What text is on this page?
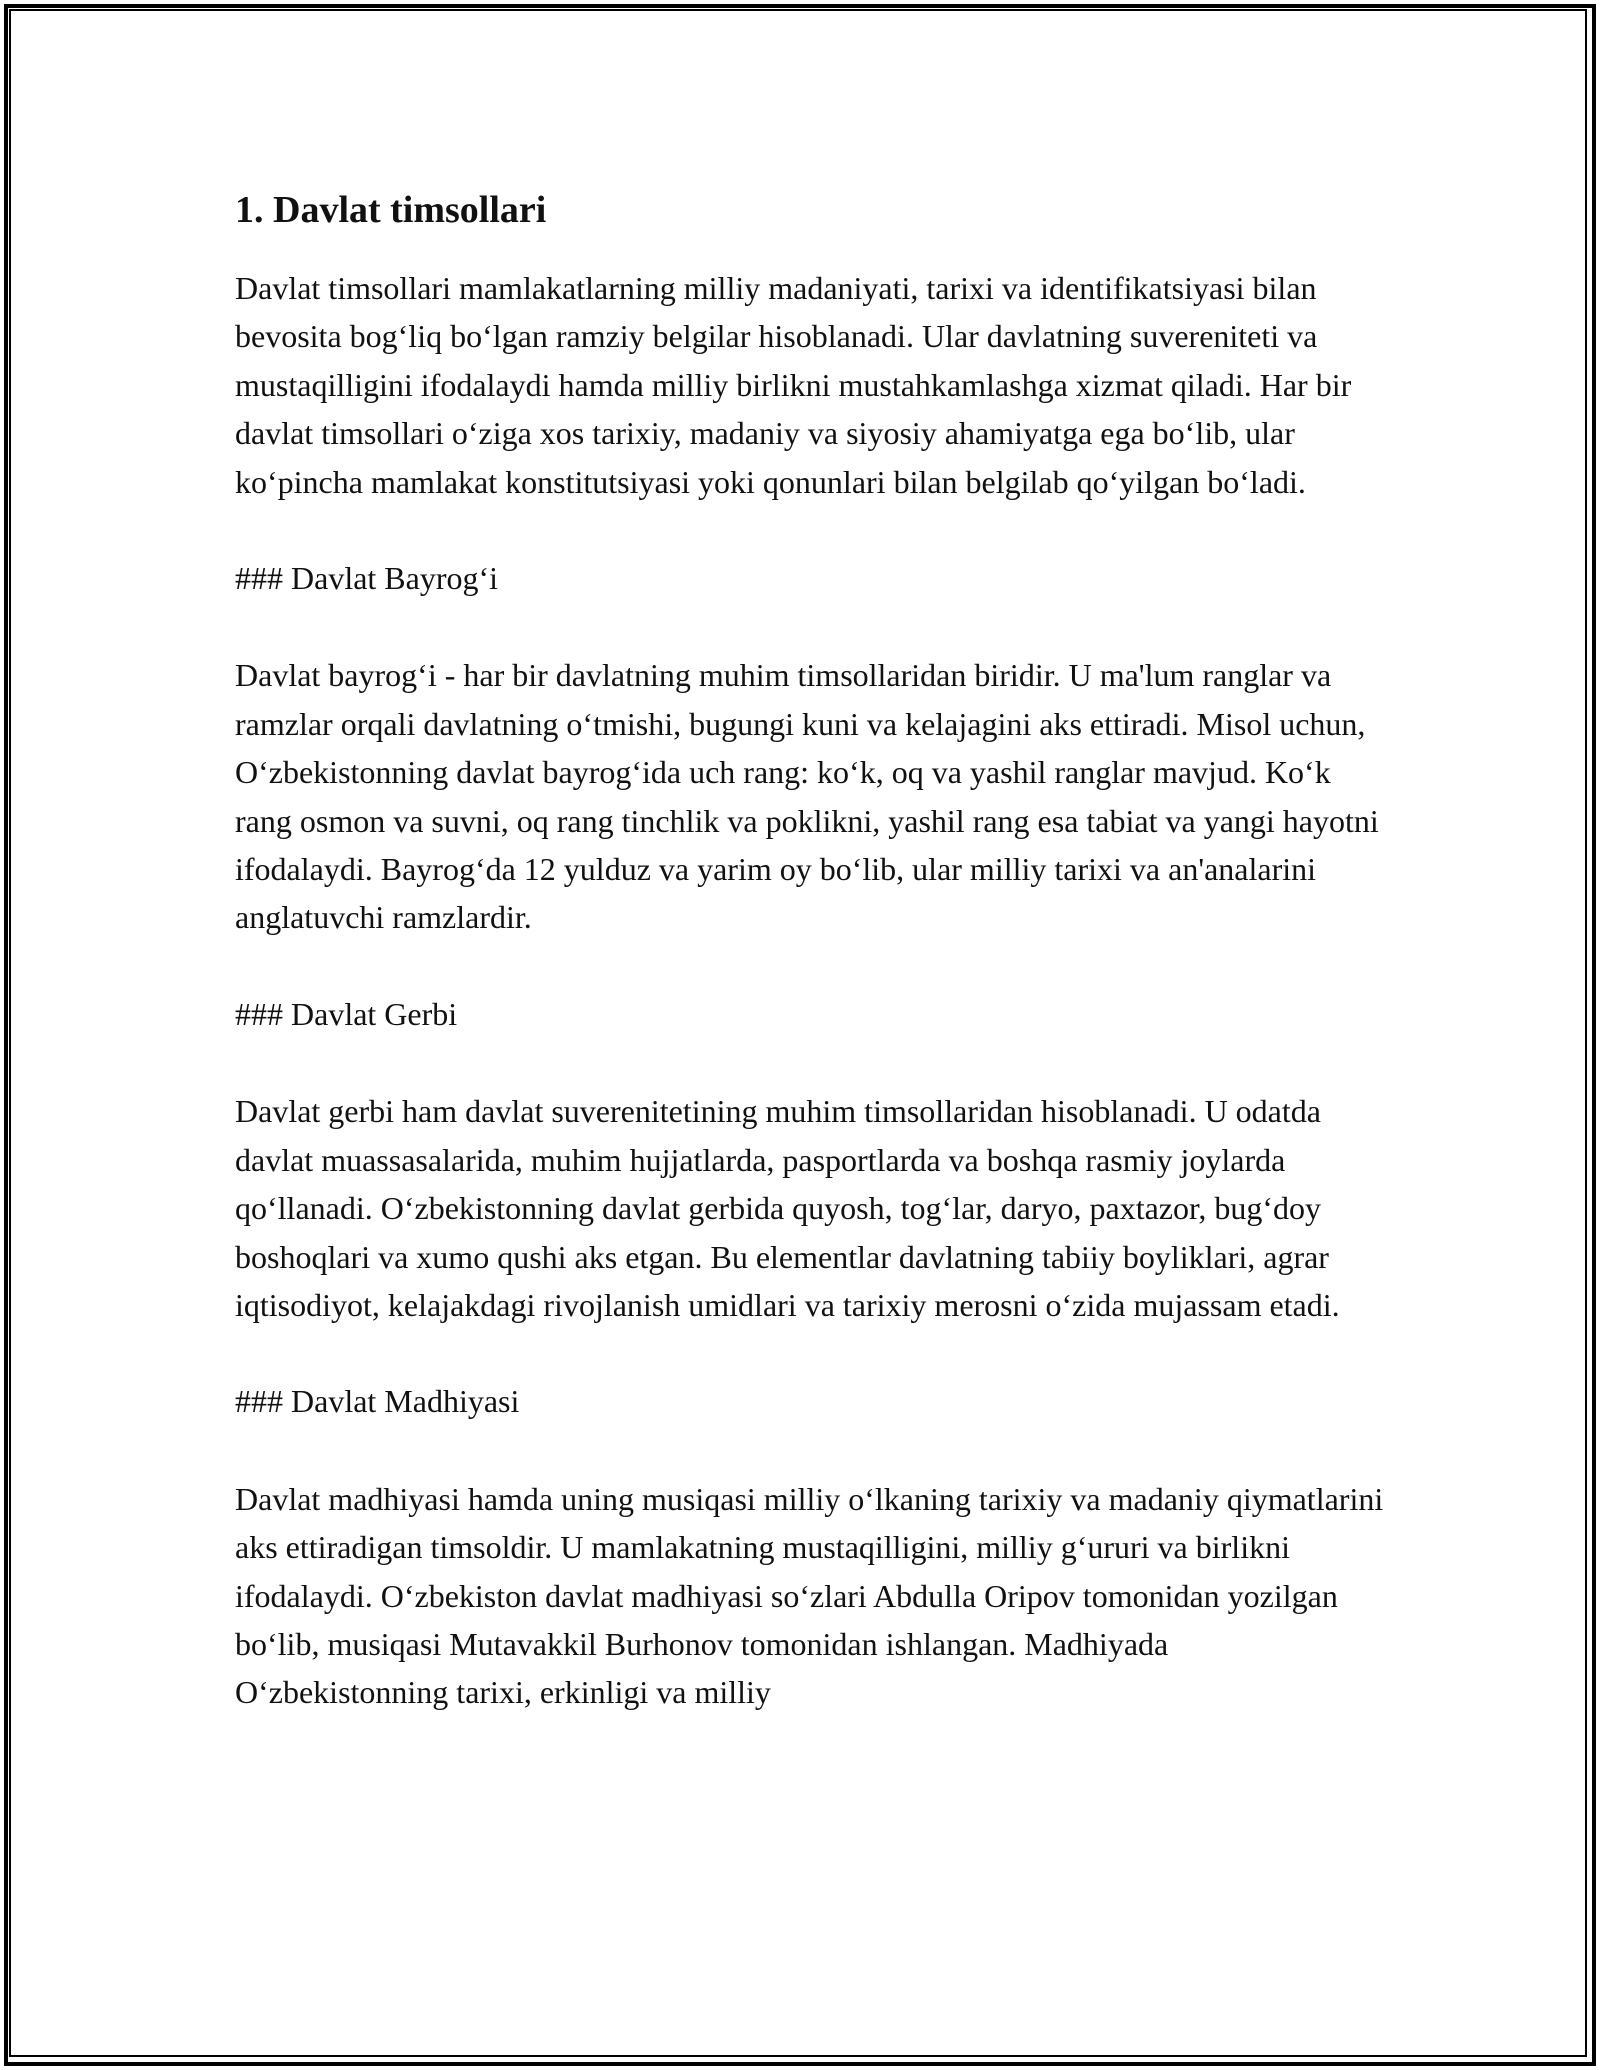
1. Davlat timsollari

Davlat timsollari mamlakatlarning milliy madaniyati, tarixi va identifikatsiyasi bilan bevosita bog‘liq bo‘lgan ramziy belgilar hisoblanadi. Ular davlatning suvereniteti va mustaqilligini ifodalaydi hamda milliy birlikni mustahkamlashga xizmat qiladi. Har bir davlat timsollari o‘ziga xos tarixiy, madaniy va siyosiy ahamiyatga ega bo‘lib, ular ko‘pincha mamlakat konstitutsiyasi yoki qonunlari bilan belgilab qo‘yilgan bo‘ladi.

### Davlat Bayrog‘i

Davlat bayrog‘i - har bir davlatning muhim timsollaridan biridir. U ma'lum ranglar va ramzlar orqali davlatning o‘tmishi, bugungi kuni va kelajagini aks ettiradi. Misol uchun, O‘zbekistonning davlat bayrog‘ida uch rang: ko‘k, oq va yashil ranglar mavjud. Ko‘k rang osmon va suvni, oq rang tinchlik va poklikni, yashil rang esa tabiat va yangi hayotni ifodalaydi. Bayrog‘da 12 yulduz va yarim oy bo‘lib, ular milliy tarixi va an'analarini anglatuvchi ramzlardir.

### Davlat Gerbi

Davlat gerbi ham davlat suverenitetining muhim timsollaridan hisoblanadi. U odatda davlat muassasalarida, muhim hujjatlarda, pasportlarda va boshqa rasmiy joylarda qo‘llanadi. O‘zbekistonning davlat gerbida quyosh, tog‘lar, daryo, paxtazor, bug‘doy boshoqlari va xumo qushi aks etgan. Bu elementlar davlatning tabiiy boyliklari, agrar iqtisodiyot, kelajakdagi rivojlanish umidlari va tarixiy merosni o‘zida mujassam etadi.

### Davlat Madhiyasi

Davlat madhiyasi hamda uning musiqasi milliy o‘lkaning tarixiy va madaniy qiymatlarini aks ettiradigan timsoldir. U mamlakatning mustaqilligini, milliy g‘ururi va birlikni ifodalaydi. O‘zbekiston davlat madhiyasi so‘zlari Abdulla Oripov tomonidan yozilgan bo‘lib, musiqasi Mutavakkil Burhonov tomonidan ishlangan. Madhiyada O‘zbekistonning tarixi, erkinligi va milliy
